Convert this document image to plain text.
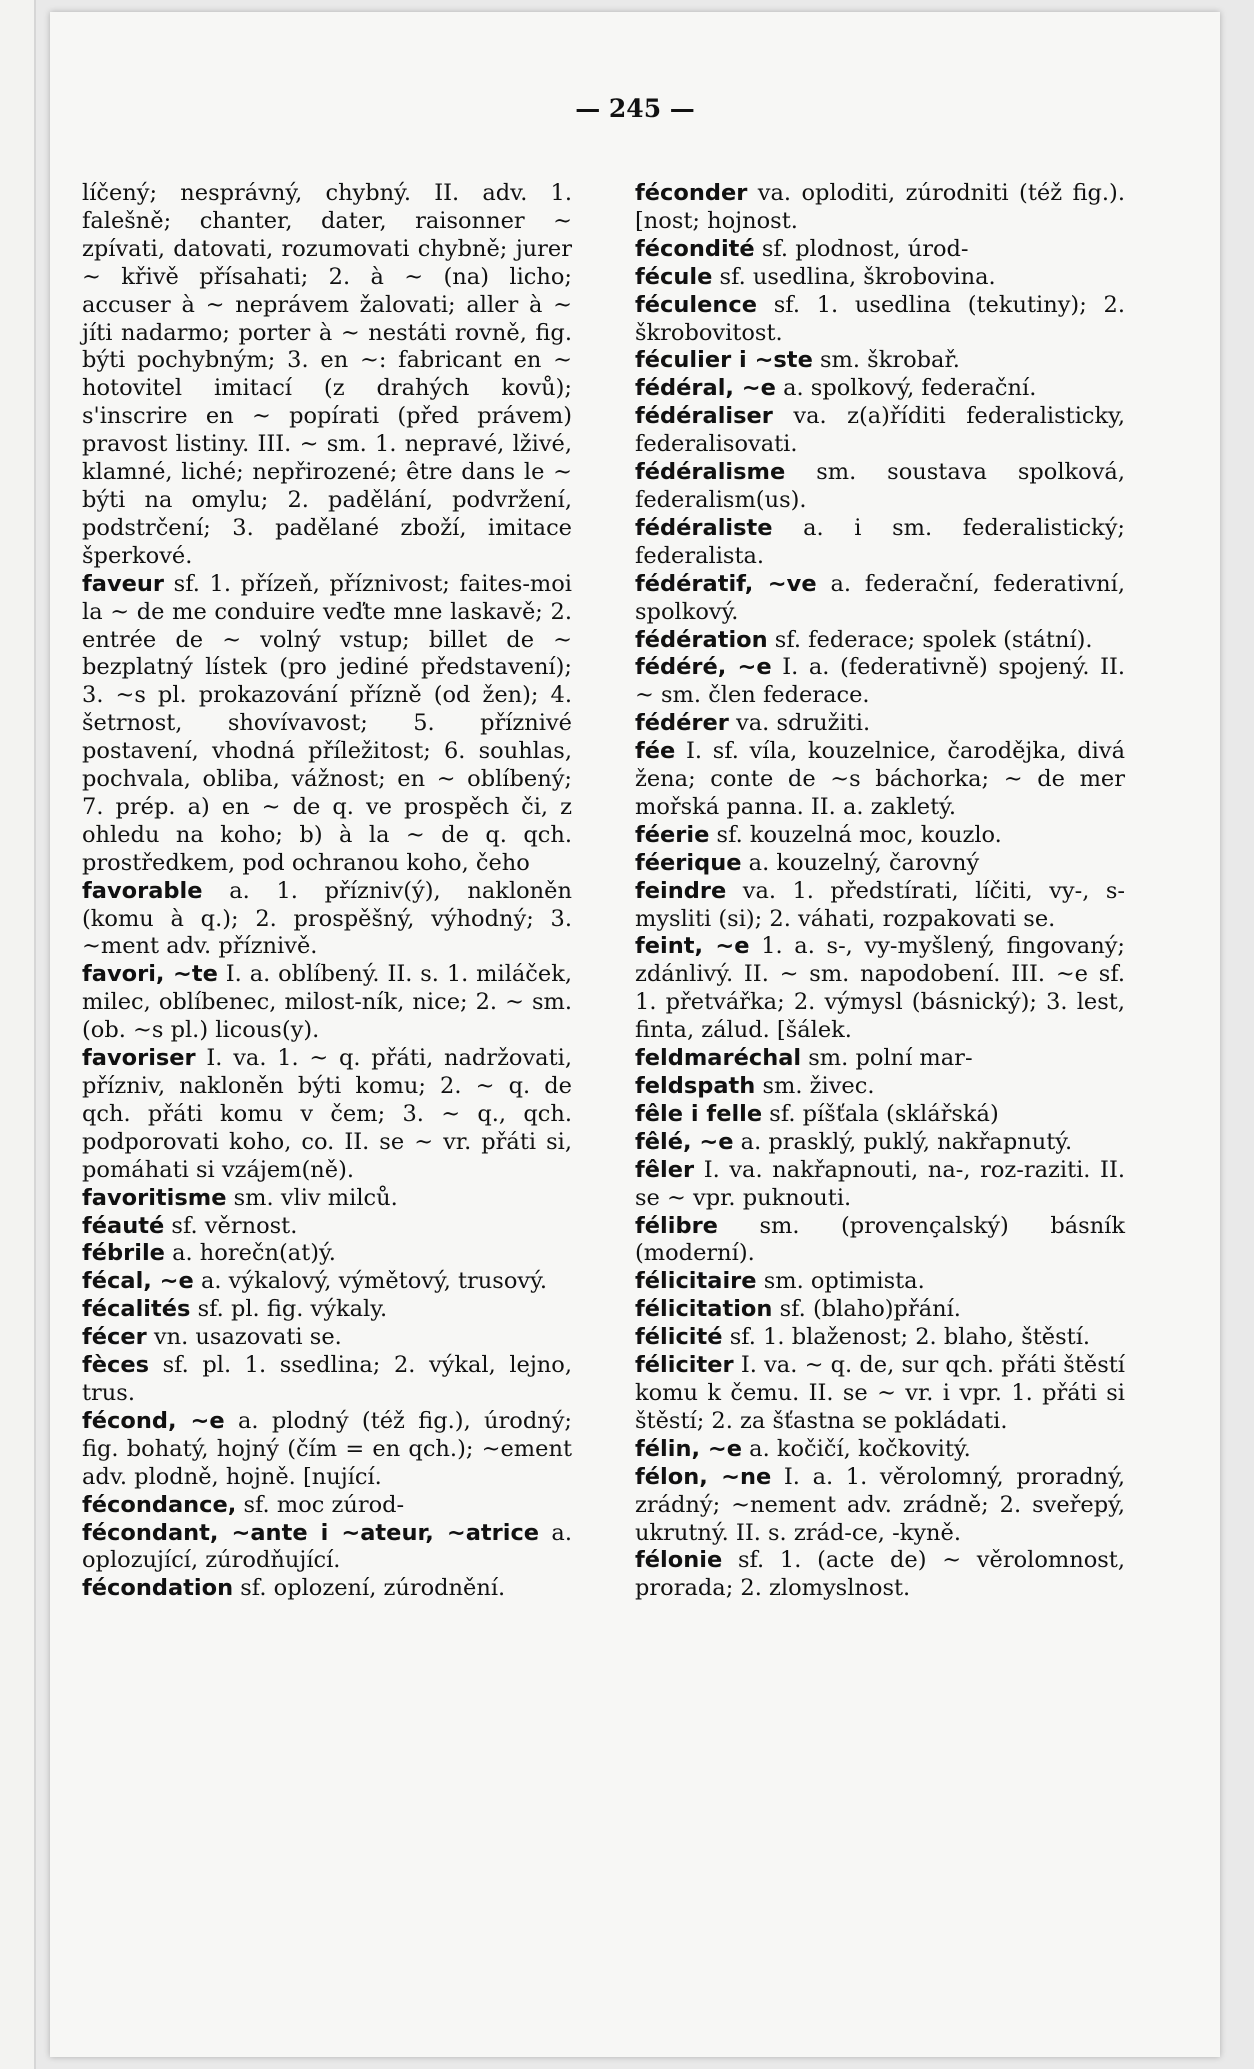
— 245 —

líčený; nesprávný, chybný. II. adv. 1. falešně; chanter, dater, raisonner ~ zpívati, datovati, rozumovati chybně; jurer ~ křivě přísahati; 2. à ~ (na) licho; accuser à ~ neprávem žalovati; aller à ~ jíti nadarmo; porter à ~ nestáti rovně, fig. býti pochybným; 3. en ~: fabricant en ~ hotovitel imitací (z drahých kovů); s'inscrire en ~ popírati (před právem) pravost listiny. III. ~ sm. 1. nepravé, lživé, klamné, liché; nepřirozené; être dans le ~ býti na omylu; 2. padělání, podvržení, podstrčení; 3. padělané zboží, imitace šperkové.

faveur sf. 1. přízeň, příznivost; faites-moi la ~ de me conduire veďte mne laskavě; 2. entrée de ~ volný vstup; billet de ~ bezplatný lístek (pro jediné představení); 3. ~s pl. prokazování přízně (od žen); 4. šetrnost, shovívavost; 5. příznivé postavení, vhodná příležitost; 6. souhlas, pochvala, obliba, vážnost; en ~ oblíbený; 7. prép. a) en ~ de q. ve prospěch či, z ohledu na koho; b) à la ~ de q. qch. prostředkem, pod ochranou koho, čeho

favorable a. 1. přízniv(ý), nakloněn (komu à q.); 2. prospěšný, výhodný; 3. ~ment adv. příznivě.

favori, ~te I. a. oblíbený. II. s. 1. miláček, milec, oblíbenec, milost-ník, nice; 2. ~ sm. (ob. ~s pl.) licous(y).

favoriser I. va. 1. ~ q. přáti, nadržovati, přízniv, nakloněn býti komu; 2. ~ q. de qch. přáti komu v čem; 3. ~ q., qch. podporovati koho, co. II. se ~ vr. přáti si, pomáhati si vzájem(ně).

favoritisme sm. vliv milců.

féauté sf. věrnost.

fébrile a. horečn(at)ý.

fécal, ~e a. výkalový, výmětový, trusový.

fécalités sf. pl. fig. výkaly.

fécer vn. usazovati se.

fèces sf. pl. 1. ssedlina; 2. výkal, lejno, trus.

fécond, ~e a. plodný (též fig.), úrodný; fig. bohatý, hojný (čím = en qch.); ~ement adv. plodně, hojně. [nující.

fécondance, sf. moc zúrod-

fécondant, ~ante i ~ateur, ~atrice a. oplozující, zúrodňující.

fécondation sf. oplození, zúrodnění.

féconder va. oploditi, zúrodniti (též fig.). [nost; hojnost.

fécondité sf. plodnost, úrod-

fécule sf. usedlina, škrobovina.

féculence sf. 1. usedlina (tekutiny); 2. škrobovitost.

féculier i ~ste sm. škrobař.

fédéral, ~e a. spolkový, federační.

fédéraliser va. z(a)říditi federalisticky, federalisovati.

fédéralisme sm. soustava spolková, federalism(us).

fédéraliste a. i sm. federalistický; federalista.

fédératif, ~ve a. federační, federativní, spolkový.

fédération sf. federace; spolek (státní).

fédéré, ~e I. a. (federativně) spojený. II. ~ sm. člen federace.

fédérer va. sdružiti.

fée I. sf. víla, kouzelnice, čarodějka, divá žena; conte de ~s báchorka; ~ de mer mořská panna. II. a. zakletý.

féerie sf. kouzelná moc, kouzlo.

féerique a. kouzelný, čarovný

feindre va. 1. předstírati, líčiti, vy-, s-mysliti (si); 2. váhati, rozpakovati se.

feint, ~e 1. a. s-, vy-myšlený, fingovaný; zdánlivý. II. ~ sm. napodobení. III. ~e sf. 1. přetvářka; 2. výmysl (básnický); 3. lest, finta, zálud. [šálek.

feldmaréchal sm. polní mar-

feldspath sm. živec.

fêle i felle sf. píšťala (sklářská)

fêlé, ~e a. prasklý, puklý, nakřapnutý.

fêler I. va. nakřapnouti, na-, roz-raziti. II. se ~ vpr. puknouti.

félibre sm. (provençalský) básník (moderní).

félicitaire sm. optimista.

félicitation sf. (blaho)přání.

félicité sf. 1. blaženost; 2. blaho, štěstí.

féliciter I. va. ~ q. de, sur qch. přáti štěstí komu k čemu. II. se ~ vr. i vpr. 1. přáti si štěstí; 2. za šťastna se pokládati.

félin, ~e a. kočičí, kočkovitý.

félon, ~ne I. a. 1. věrolomný, proradný, zrádný; ~nement adv. zrádně; 2. sveřepý, ukrutný. II. s. zrád-ce, -kyně.

félonie sf. 1. (acte de) ~ věrolomnost, prorada; 2. zlomyslnost.
